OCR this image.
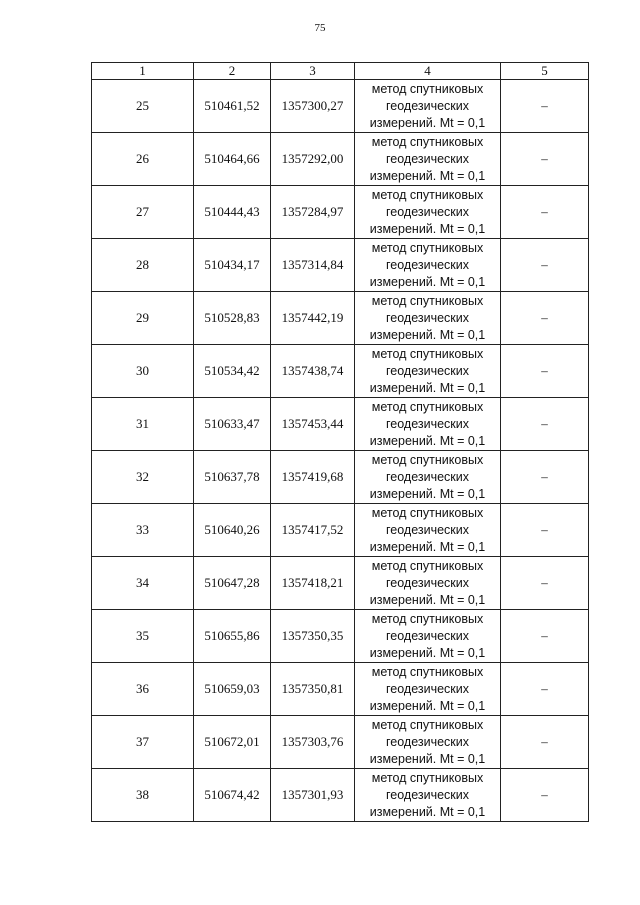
75
1	2	3	4	5
25	510461,52	1357300,27	метод спутниковых
геодезических
измерений. Mt = 0,1	–
26	510464,66	1357292,00	метод спутниковых
геодезических
измерений. Mt = 0,1	–
27	510444,43	1357284,97	метод спутниковых
геодезических
измерений. Mt = 0,1	–
28	510434,17	1357314,84	метод спутниковых
геодезических
измерений. Mt = 0,1	–
29	510528,83	1357442,19	метод спутниковых
геодезических
измерений. Mt = 0,1	–
30	510534,42	1357438,74	метод спутниковых
геодезических
измерений. Mt = 0,1	–
31	510633,47	1357453,44	метод спутниковых
геодезических
измерений. Mt = 0,1	–
32	510637,78	1357419,68	метод спутниковых
геодезических
измерений. Mt = 0,1	–
33	510640,26	1357417,52	метод спутниковых
геодезических
измерений. Mt = 0,1	–
34	510647,28	1357418,21	метод спутниковых
геодезических
измерений. Mt = 0,1	–
35	510655,86	1357350,35	метод спутниковых
геодезических
измерений. Mt = 0,1	–
36	510659,03	1357350,81	метод спутниковых
геодезических
измерений. Mt = 0,1	–
37	510672,01	1357303,76	метод спутниковых
геодезических
измерений. Mt = 0,1	–
38	510674,42	1357301,93	метод спутниковых
геодезических
измерений. Mt = 0,1	–
